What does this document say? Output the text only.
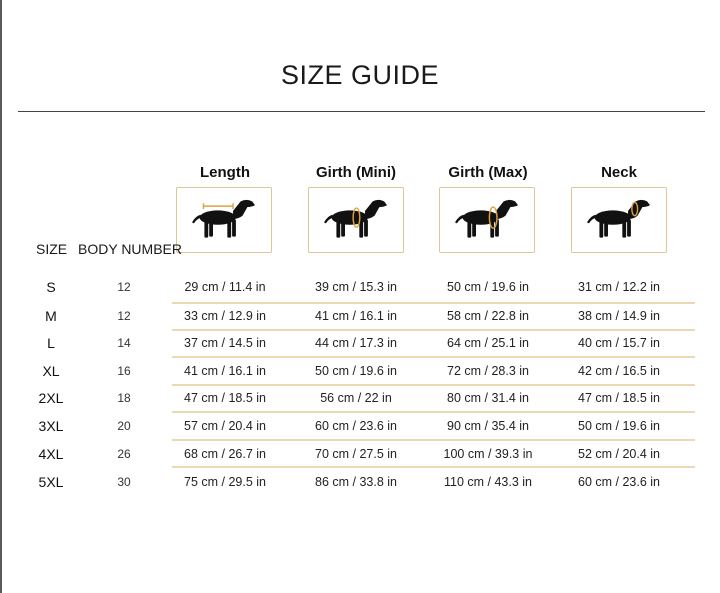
SIZE GUIDE
Length	Girth (Mini)	Girth (Max)	Neck
SIZE BODY NUMBER
S	12	29 cm / 11.4 in	39 cm / 15.3 in	50 cm / 19.6 in	31 cm / 12.2 in
M	12	33 cm / 12.9 in	41 cm / 16.1 in	58 cm / 22.8 in	38 cm / 14.9 in
L	14	37 cm / 14.5 in	44 cm / 17.3 in	64 cm / 25.1 in	40 cm / 15.7 in
XL	16	41 cm / 16.1 in	50 cm / 19.6 in	72 cm / 28.3 in	42 cm / 16.5 in
2XL	18	47 cm / 18.5 in	56 cm / 22 in	80 cm / 31.4 in	47 cm / 18.5 in
3XL	20	57 cm / 20.4 in	60 cm / 23.6 in	90 cm / 35.4 in	50 cm / 19.6 in
4XL	26	68 cm / 26.7 in	70 cm / 27.5 in	100 cm / 39.3 in	52 cm / 20.4 in
5XL	30	75 cm / 29.5 in	86 cm / 33.8 in	110 cm / 43.3 in	60 cm / 23.6 in
